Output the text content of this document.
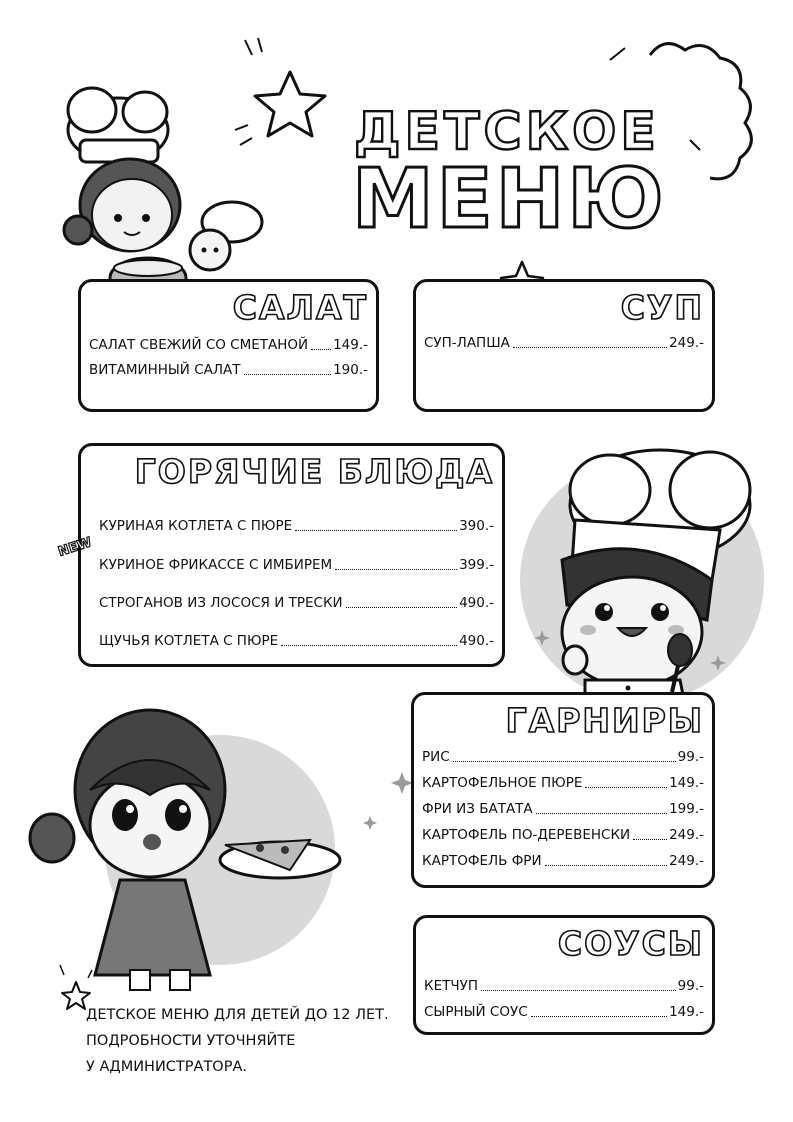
ДЕТСКОЕ
МЕНЮ
САЛАТ
САЛАТ СВЕЖИЙ СО СМЕТАНОЙ 149.-
ВИТАМИННЫЙ САЛАТ	190.-
СУП
СУП-ЛАПША	249.-
ГОРЯЧИЕ БЛЮДА
КУРИНАЯ КОТЛЕТА С ПЮРЕ	390.-
КУРИНОЕ ФРИКАССЕ С ИМБИРЕМ	399.-
СТРОГАНОВ ИЗ ЛОСОСЯ И ТРЕСКИ	490.-
ЩУЧЬЯ КОТЛЕТА С ПЮРЕ	490.-
NEW
ГАРНИРЫ
РИС	99.-
КАРТОФЕЛЬНОЕ ПЮРЕ	149.-
ФРИ ИЗ БАТАТА	199.-
КАРТОФЕЛЬ ПО-ДЕРЕВЕНСКИ	249.-
КАРТОФЕЛЬ ФРИ	249.-
СОУСЫ
КЕТЧУП	99.-
СЫРНЫЙ СОУС	149.-
ДЕТСКОЕ МЕНЮ ДЛЯ ДЕТЕЙ ДО 12 ЛЕТ.
ПОДРОБНОСТИ УТОЧНЯЙТЕ
У АДМИНИСТРАТОРА.
